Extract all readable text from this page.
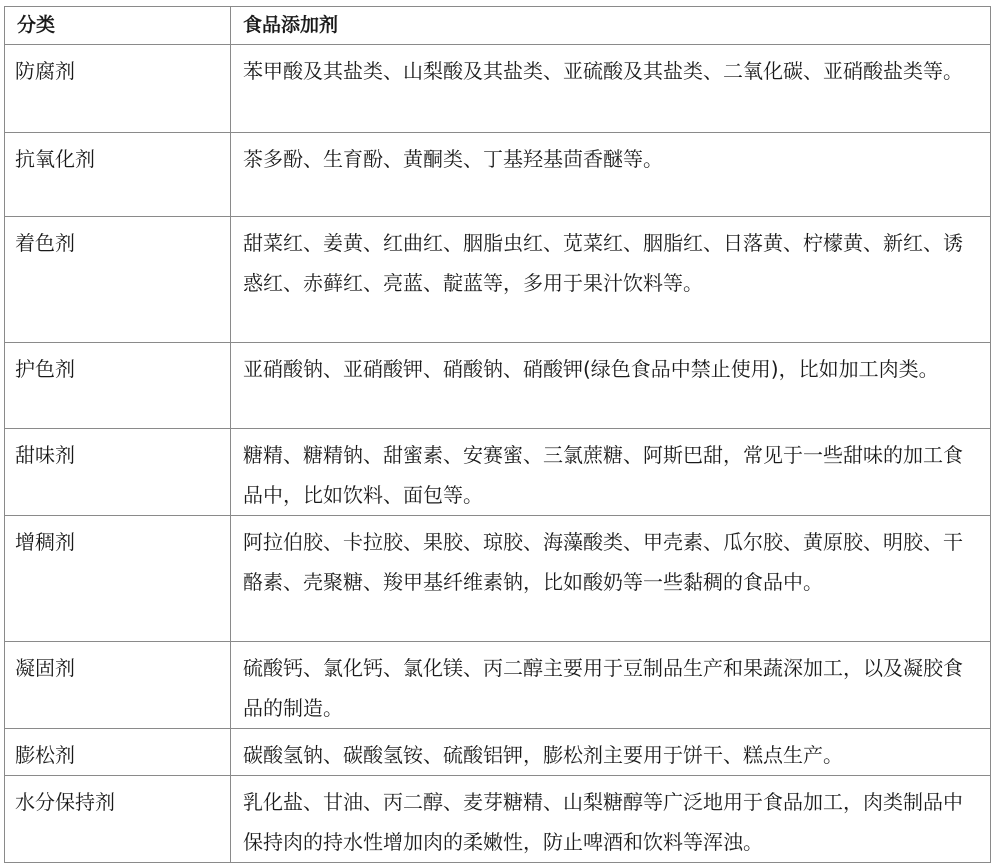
分类	食品添加剂
防腐剂	苯甲酸及其盐类、山梨酸及其盐类、亚硫酸及其盐类、二氧化碳、亚硝酸盐类等。
抗氧化剂	茶多酚、生育酚、黄酮类、丁基羟基茴香醚等。
着色剂	甜菜红、姜黄、红曲红、胭脂虫红、苋菜红、胭脂红、日落黄、柠檬黄、新红、诱惑红、赤藓红、亮蓝、靛蓝等，多用于果汁饮料等。
护色剂	亚硝酸钠、亚硝酸钾、硝酸钠、硝酸钾(绿色食品中禁止使用)，比如加工肉类。
甜味剂	糖精、糖精钠、甜蜜素、安赛蜜、三氯蔗糖、阿斯巴甜，常见于一些甜味的加工食品中，比如饮料、面包等。
增稠剂	阿拉伯胶、卡拉胶、果胶、琼胶、海藻酸类、甲壳素、瓜尔胶、黄原胶、明胶、干酪素、壳聚糖、羧甲基纤维素钠，比如酸奶等一些黏稠的食品中。
凝固剂	硫酸钙、氯化钙、氯化镁、丙二醇主要用于豆制品生产和果蔬深加工，以及凝胶食品的制造。
膨松剂	碳酸氢钠、碳酸氢铵、硫酸铝钾，膨松剂主要用于饼干、糕点生产。
水分保持剂	乳化盐、甘油、丙二醇、麦芽糖精、山梨糖醇等广泛地用于食品加工，肉类制品中保持肉的持水性增加肉的柔嫩性，防止啤酒和饮料等浑浊。
